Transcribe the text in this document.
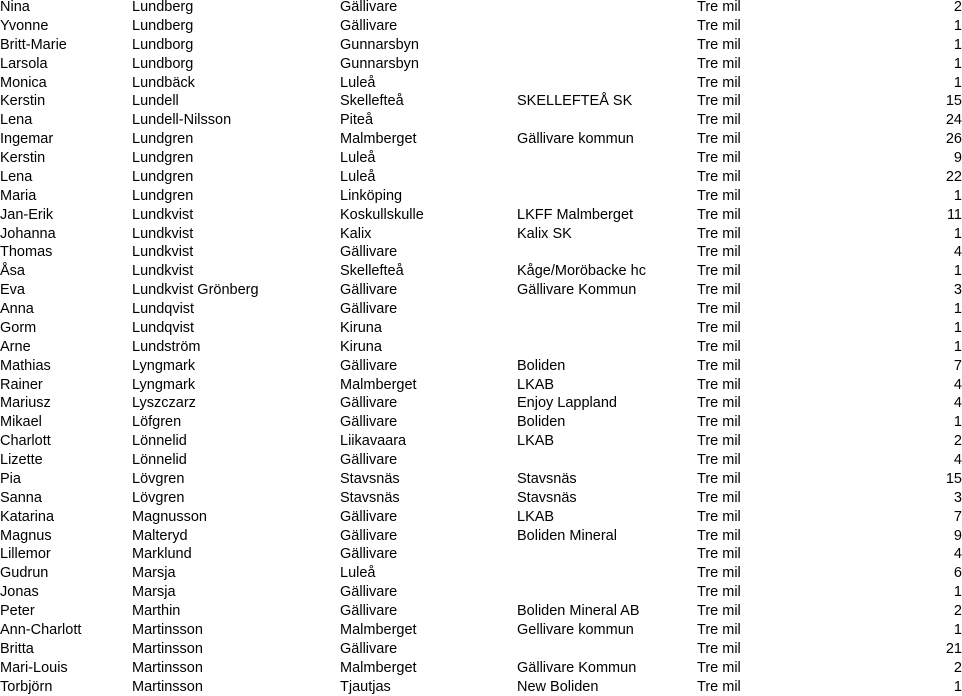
Nina	Lundberg	Gällivare		Tre mil	2
Yvonne	Lundberg	Gällivare		Tre mil	1
Britt-Marie	Lundborg	Gunnarsbyn		Tre mil	1
Larsola	Lundborg	Gunnarsbyn		Tre mil	1
Monica	Lundbäck	Luleå		Tre mil	1
Kerstin	Lundell	Skellefteå	SKELLEFTEÅ SK	Tre mil	15
Lena	Lundell-Nilsson	Piteå		Tre mil	24
Ingemar	Lundgren	Malmberget	Gällivare kommun	Tre mil	26
Kerstin	Lundgren	Luleå		Tre mil	9
Lena	Lundgren	Luleå		Tre mil	22
Maria	Lundgren	Linköping		Tre mil	1
Jan-Erik	Lundkvist	Koskullskulle	LKFF Malmberget	Tre mil	11
Johanna	Lundkvist	Kalix	Kalix SK	Tre mil	1
Thomas	Lundkvist	Gällivare		Tre mil	4
Åsa	Lundkvist	Skellefteå	Kåge/Moröbacke hc	Tre mil	1
Eva	Lundkvist Grönberg	Gällivare	Gällivare Kommun	Tre mil	3
Anna	Lundqvist	Gällivare		Tre mil	1
Gorm	Lundqvist	Kiruna		Tre mil	1
Arne	Lundström	Kiruna		Tre mil	1
Mathias	Lyngmark	Gällivare	Boliden	Tre mil	7
Rainer	Lyngmark	Malmberget	LKAB	Tre mil	4
Mariusz	Lyszczarz	Gällivare	Enjoy Lappland	Tre mil	4
Mikael	Löfgren	Gällivare	Boliden	Tre mil	1
Charlott	Lönnelid	Liikavaara	LKAB	Tre mil	2
Lizette	Lönnelid	Gällivare		Tre mil	4
Pia	Lövgren	Stavsnäs	Stavsnäs	Tre mil	15
Sanna	Lövgren	Stavsnäs	Stavsnäs	Tre mil	3
Katarina	Magnusson	Gällivare	LKAB	Tre mil	7
Magnus	Malteryd	Gällivare	Boliden Mineral	Tre mil	9
Lillemor	Marklund	Gällivare		Tre mil	4
Gudrun	Marsja	Luleå		Tre mil	6
Jonas	Marsja	Gällivare		Tre mil	1
Peter	Marthin	Gällivare	Boliden Mineral AB	Tre mil	2
Ann-Charlott	Martinsson	Malmberget	Gellivare kommun	Tre mil	1
Britta	Martinsson	Gällivare		Tre mil	21
Mari-Louis	Martinsson	Malmberget	Gällivare Kommun	Tre mil	2
Torbjörn	Martinsson	Tjautjas	New Boliden	Tre mil	1
